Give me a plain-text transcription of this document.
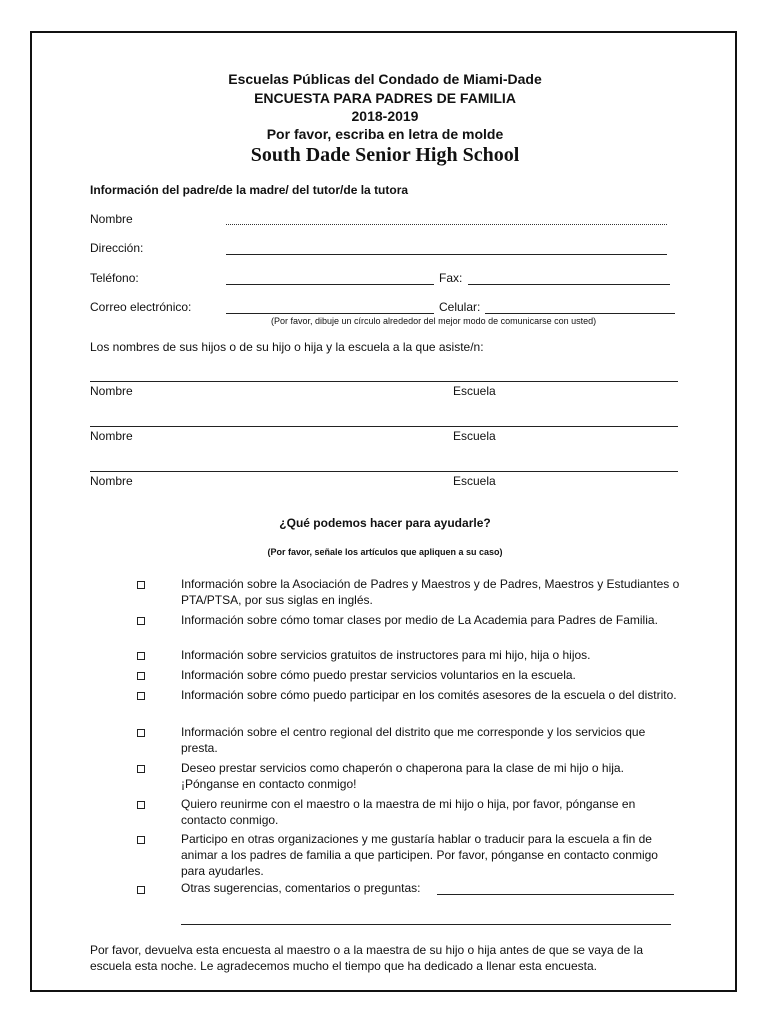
Escuelas Públicas del Condado de Miami-Dade
ENCUESTA PARA PADRES DE FAMILIA
2018-2019
Por favor, escriba en letra de molde
South Dade Senior High School
Información del padre/de la madre/ del tutor/de la tutora
Nombre
Dirección:
Teléfono:	Fax:
Correo electrónico:	Celular:
(Por favor, dibuje un círculo alrededor del mejor modo de comunicarse con usted)
Los nombres de sus hijos o de su hijo o hija y la escuela a la que asiste/n:
Nombre	Escuela
Nombre	Escuela
Nombre	Escuela
¿Qué podemos hacer para ayudarle?
(Por favor, señale los artículos que apliquen a su caso)
Información sobre la Asociación de Padres y Maestros y de Padres, Maestros y Estudiantes o PTA/PTSA, por sus siglas en inglés.
Información sobre cómo tomar clases por medio de La Academia para Padres de Familia.
Información sobre servicios gratuitos de instructores para mi hijo, hija o hijos.
Información sobre cómo puedo prestar servicios voluntarios en la escuela.
Información sobre cómo puedo participar en los comités asesores de la escuela o del distrito.
Información sobre el centro regional del distrito que me corresponde y los servicios que presta.
Deseo prestar servicios como chaperón o chaperona para la clase de mi hijo o hija. ¡Pónganse en contacto conmigo!
Quiero reunirme con el maestro o la maestra de mi hijo o hija, por favor, pónganse en contacto conmigo.
Participo en otras organizaciones y me gustaría hablar o traducir para la escuela a fin de animar a los padres de familia a que participen. Por favor, pónganse en contacto conmigo para ayudarles.
Otras sugerencias, comentarios o preguntas:
Por favor, devuelva esta encuesta al maestro o a la maestra de su hijo o hija antes de que se vaya de la escuela esta noche. Le agradecemos mucho el tiempo que ha dedicado a llenar esta encuesta.
